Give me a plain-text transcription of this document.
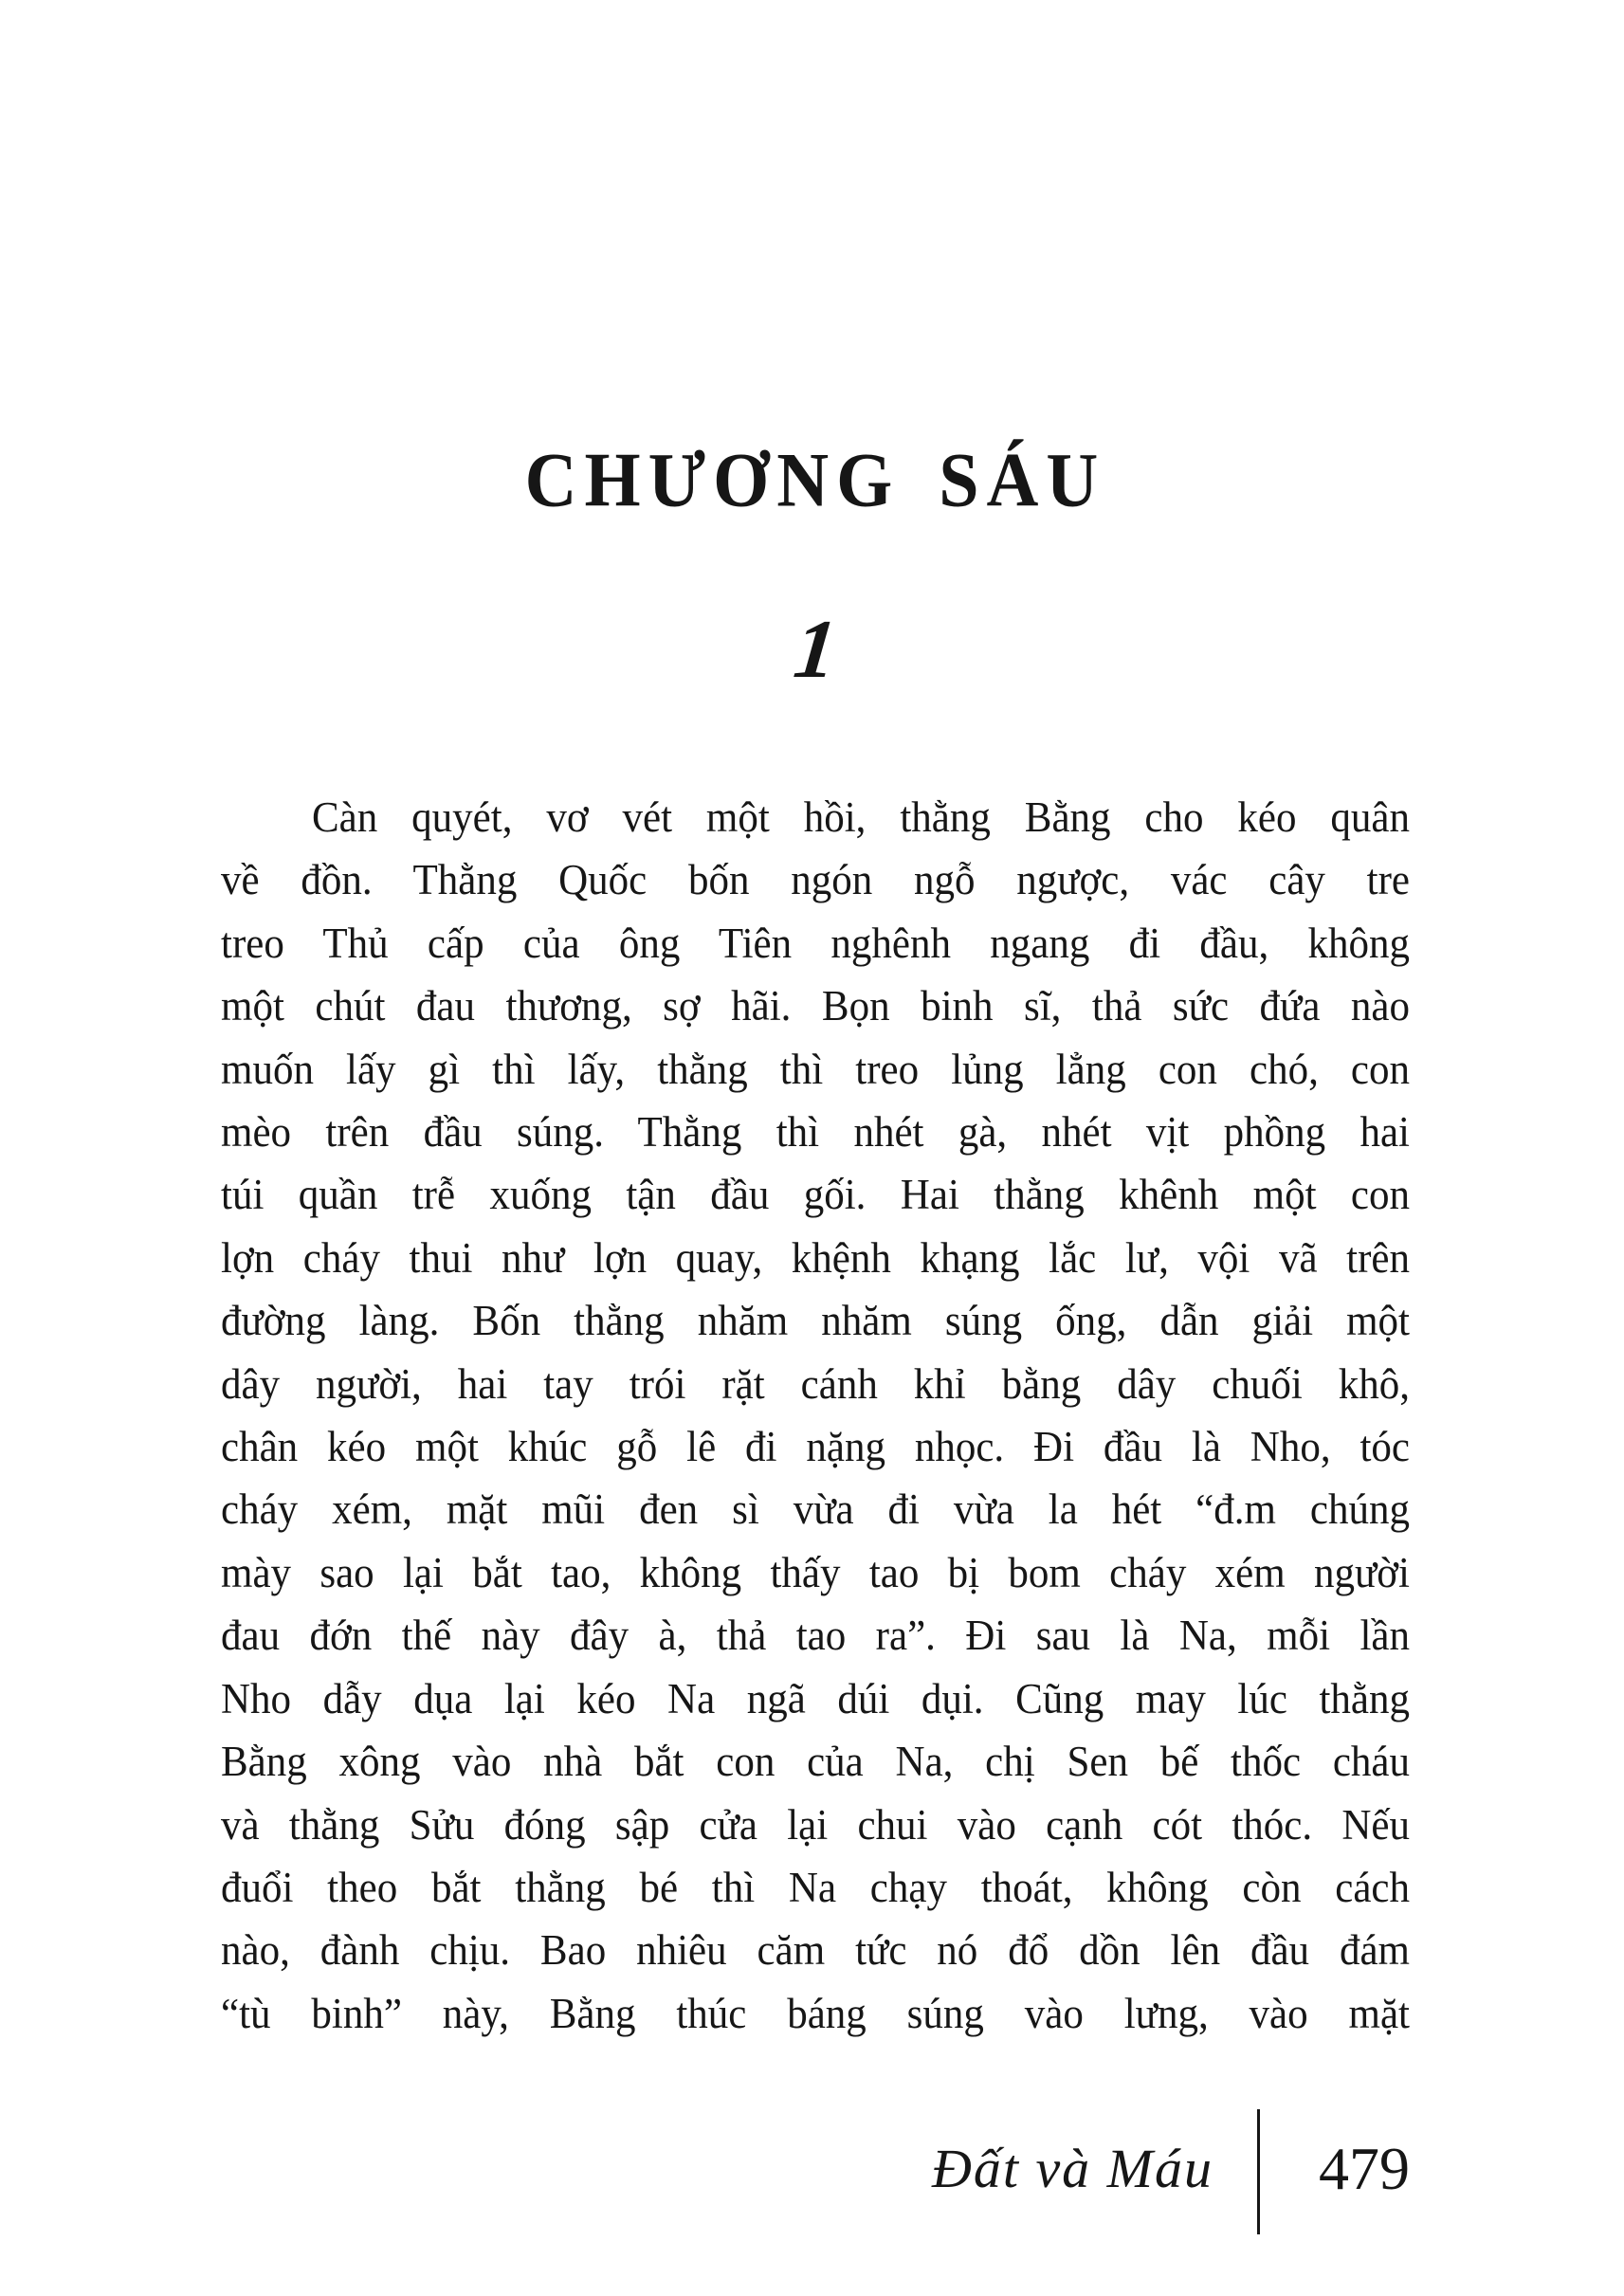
CHƯƠNG SÁU
1
Càn quyét, vơ vét một hồi, thằng Bằng cho kéo quân
về đồn. Thằng Quốc bốn ngón ngỗ ngược, vác cây tre
treo Thủ cấp của ông Tiên nghênh ngang đi đầu, không
một chút đau thương, sợ hãi. Bọn binh sĩ, thả sức đứa nào
muốn lấy gì thì lấy, thằng thì treo lủng lẳng con chó, con
mèo trên đầu súng. Thằng thì nhét gà, nhét vịt phồng hai
túi quần trễ xuống tận đầu gối. Hai thằng khênh một con
lợn cháy thui như lợn quay, khệnh khạng lắc lư, vội vã trên
đường làng. Bốn thằng nhăm nhăm súng ống, dẫn giải một
dây người, hai tay trói rặt cánh khỉ bằng dây chuối khô,
chân kéo một khúc gỗ lê đi nặng nhọc. Đi đầu là Nho, tóc
cháy xém, mặt mũi đen sì vừa đi vừa la hét “đ.m chúng
mày sao lại bắt tao, không thấy tao bị bom cháy xém người
đau đớn thế này đây à, thả tao ra”. Đi sau là Na, mỗi lần
Nho dẫy dụa lại kéo Na ngã dúi dụi. Cũng may lúc thằng
Bằng xông vào nhà bắt con của Na, chị Sen bế thốc cháu
và thằng Sửu đóng sập cửa lại chui vào cạnh cót thóc. Nếu
đuổi theo bắt thằng bé thì Na chạy thoát, không còn cách
nào, đành chịu. Bao nhiêu căm tức nó đổ dồn lên đầu đám
“tù binh” này, Bằng thúc báng súng vào lưng, vào mặt
Đất và Máu 479
